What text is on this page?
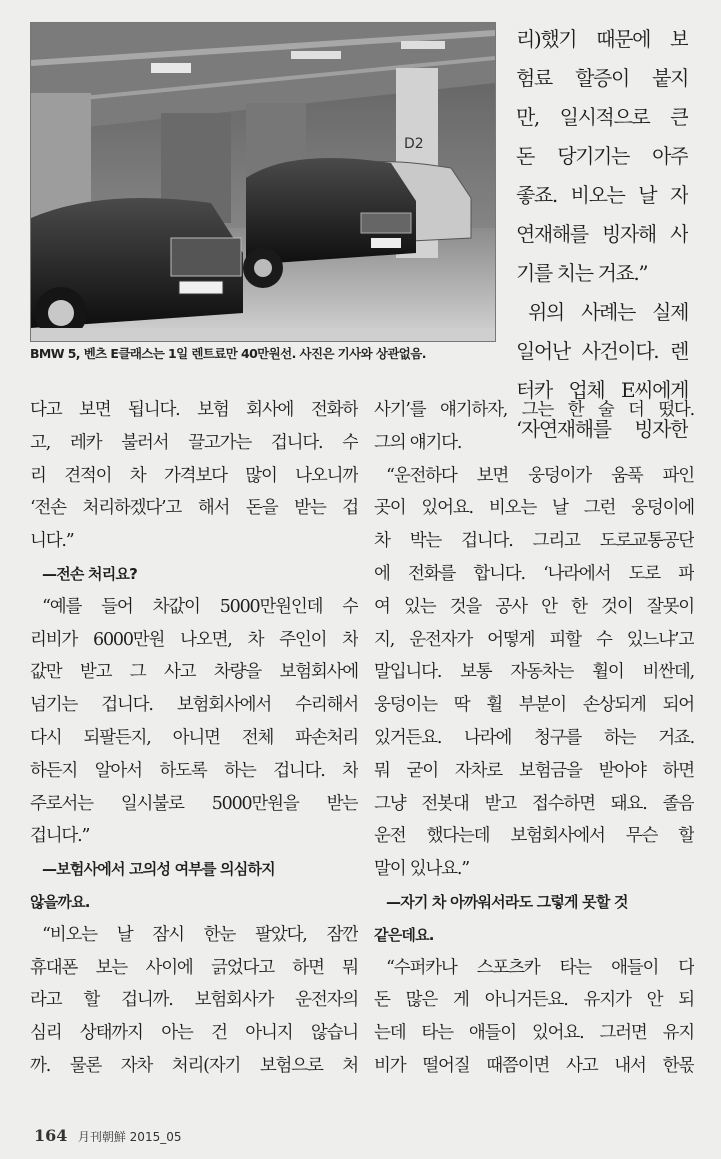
D2
BMW 5, 벤츠 E클래스는 1일 렌트료만 40만원선. 사진은 기사와 상관없음.
리)했기 때문에 보
험료 할증이 붙지
만, 일시적으로 큰
돈 당기기는 아주
좋죠. 비오는 날 자
연재해를 빙자해 사
기를 치는 거죠.”
위의 사례는 실제
일어난 사건이다. 렌
터카 업체 E씨에게
‘자연재해를 빙자한
다고 보면 됩니다. 보험 회사에 전화하
고, 레카 불러서 끌고가는 겁니다. 수
리 견적이 차 가격보다 많이 나오니까
‘전손 처리하겠다’고 해서 돈을 받는 겁
니다.”
—전손 처리요?
“예를 들어 차값이 5000만원인데 수
리비가 6000만원 나오면, 차 주인이 차
값만 받고 그 사고 차량을 보험회사에
넘기는 겁니다. 보험회사에서 수리해서
다시 되팔든지, 아니면 전체 파손처리
하든지 알아서 하도록 하는 겁니다. 차
주로서는 일시불로 5000만원을 받는
겁니다.”
—보험사에서 고의성 여부를 의심하지
않을까요.
“비오는 날 잠시 한눈 팔았다, 잠깐
휴대폰 보는 사이에 긁었다고 하면 뭐
라고 할 겁니까. 보험회사가 운전자의
심리 상태까지 아는 건 아니지 않습니
까. 물론 자차 처리(자기 보험으로 처
사기’를 얘기하자, 그는 한 술 더 떴다.
그의 얘기다.
“운전하다 보면 웅덩이가 움푹 파인
곳이 있어요. 비오는 날 그런 웅덩이에
차 박는 겁니다. 그리고 도로교통공단
에 전화를 합니다. ‘나라에서 도로 파
여 있는 것을 공사 안 한 것이 잘못이
지, 운전자가 어떻게 피할 수 있느냐’고
말입니다. 보통 자동차는 휠이 비싼데,
웅덩이는 딱 휠 부분이 손상되게 되어
있거든요. 나라에 청구를 하는 거죠.
뭐 굳이 자차로 보험금을 받아야 하면
그냥 전봇대 받고 접수하면 돼요. 졸음
운전 했다는데 보험회사에서 무슨 할
말이 있나요.”
—자기 차 아까워서라도 그렇게 못할 것
같은데요.
“수퍼카나 스포츠카 타는 애들이 다
돈 많은 게 아니거든요. 유지가 안 되
는데 타는 애들이 있어요. 그러면 유지
비가 떨어질 때쯤이면 사고 내서 한몫
164 月刊朝鮮 2015_05
